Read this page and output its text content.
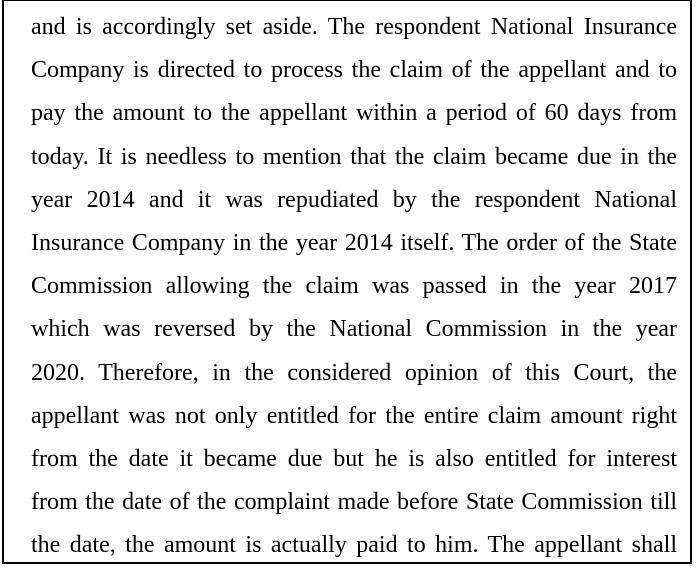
and is accordingly set aside. The respondent National Insurance
Company is directed to process the claim of the appellant and to
pay the amount to the appellant within a period of 60 days from
today. It is needless to mention that the claim became due in the
year 2014 and it was repudiated by the respondent National
Insurance Company in the year 2014 itself. The order of the State
Commission allowing the claim was passed in the year 2017
which was reversed by the National Commission in the year
2020. Therefore, in the considered opinion of this Court, the
appellant was not only entitled for the entire claim amount right
from the date it became due but he is also entitled for interest
from the date of the complaint made before State Commission till
the date, the amount is actually paid to him. The appellant shall
